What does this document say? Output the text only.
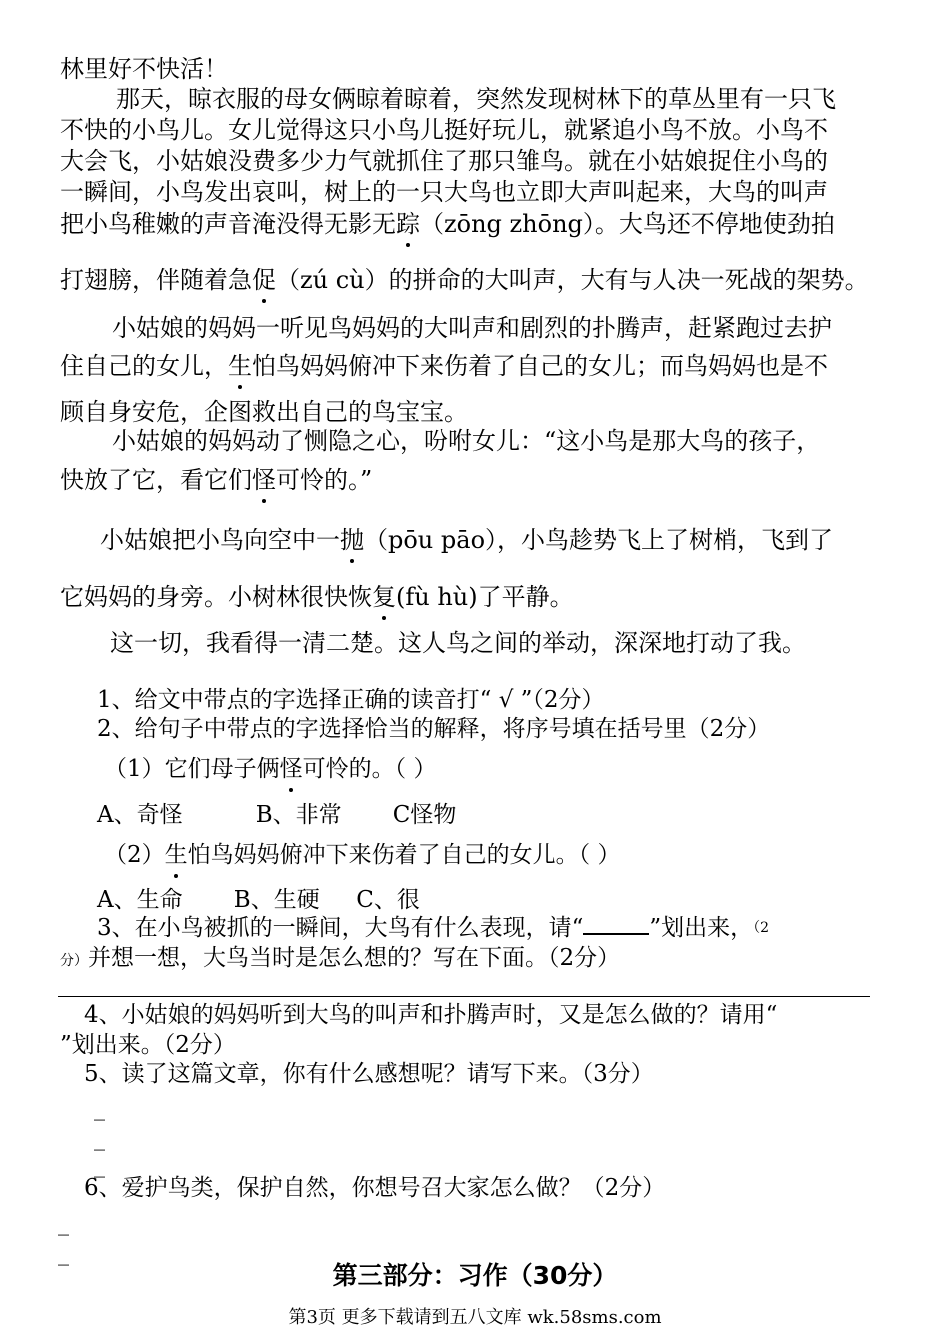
林里好不快活！
那天，晾衣服的母女俩晾着晾着，突然发现树林下的草丛里有一只飞
不快的小鸟儿。女儿觉得这只小鸟儿挺好玩儿，就紧追小鸟不放。小鸟不
大会飞，小姑娘没费多少力气就抓住了那只雏鸟。就在小姑娘捉住小鸟的
一瞬间，小鸟发出哀叫，树上的一只大鸟也立即大声叫起来，大鸟的叫声
把小鸟稚嫩的声音淹没得无影无踪（zōng zhōng）。大鸟还不停地使劲拍
打翅膀，伴随着急促（zú cù）的拼命的大叫声，大有与人决一死战的架势。
小姑娘的妈妈一听见鸟妈妈的大叫声和剧烈的扑腾声，赶紧跑过去护
住自己的女儿，生怕鸟妈妈俯冲下来伤着了自己的女儿；而鸟妈妈也是不
顾自身安危，企图救出自己的鸟宝宝。
小姑娘的妈妈动了恻隐之心，吩咐女儿：“这小鸟是那大鸟的孩子，
快放了它，看它们怪可怜的。”
小姑娘把小鸟向空中一抛（pōu pāo），小鸟趁势飞上了树梢，飞到了
它妈妈的身旁。小树林很快恢复(fù hù)了平静。
这一切，我看得一清二楚。这人鸟之间的举动，深深地打动了我。
1、给文中带点的字选择正确的读音打“ √ ”（2分）
2、给句子中带点的字选择恰当的解释，将序号填在括号里（2分）
（1）它们母子俩怪可怜的。（ ）
A、奇怪          B、非常       C怪物
（2）生怕鸟妈妈俯冲下来伤着了自己的女儿。（ ）
A、生命       B、生硬     C、很
3、在小鸟被抓的一瞬间，大鸟有什么表现，请“	”划出来，$^{(2}$
分）并想一想，大鸟当时是怎么想的？写在下面。（2分）
4、小姑娘的妈妈听到大鸟的叫声和扑腾声时，又是怎么做的？请用“
”划出来。（2分）
5、读了这篇文章，你有什么感想呢？请写下来。（3分）
_
_
_
6、爱护鸟类，保护自然，你想号召大家怎么做？（2分）
_
_
第三部分：习作（30分）
第3页 更多下载请到五八文库 wk.58sms.com
